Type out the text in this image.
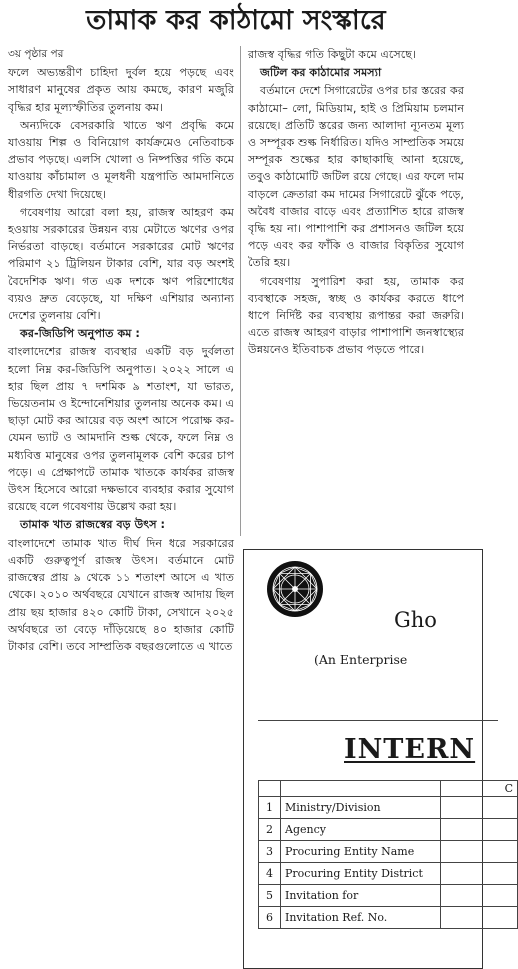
তামাক কর কাঠামো সংস্কারে

৩য় পৃষ্ঠার পর

ফলে অভ্যন্তরীণ চাহিদা দুর্বল হয়ে পড়ছে এবং সাধারণ মানুষের প্রকৃত আয় কমছে, কারণ মজুরি বৃদ্ধির হার মূল্যস্ফীতির তুলনায় কম।

অন্যদিকে বেসরকারি খাতে ঋণ প্রবৃদ্ধি কমে যাওয়ায় শিল্প ও বিনিয়োগ কার্যক্রমেও নেতিবাচক প্রভাব পড়ছে। এলসি খোলা ও নিষ্পত্তির গতি কমে যাওয়ায় কাঁচামাল ও মূলধনী যন্ত্রপাতি আমদানিতে ধীরগতি দেখা দিয়েছে।

গবেষণায় আরো বলা হয়, রাজস্ব আহরণ কম হওয়ায় সরকারের উন্নয়ন ব্যয় মেটাতে ঋণের ওপর নির্ভরতা বাড়ছে। বর্তমানে সরকারের মোট ঋণের পরিমাণ ২১ ট্রিলিয়ন টাকার বেশি, যার বড় অংশই বৈদেশিক ঋণ। গত এক দশকে ঋণ পরিশোধের ব্যয়ও দ্রুত বেড়েছে, যা দক্ষিণ এশিয়ার অন্যান্য দেশের তুলনায় বেশি।

কর-জিডিপি অনুপাত কম :

বাংলাদেশের রাজস্ব ব্যবস্থার একটি বড় দুর্বলতা হলো নিম্ন কর-জিডিপি অনুপাত। ২০২২ সালে এ হার ছিল প্রায় ৭ দশমিক ৯ শতাংশ, যা ভারত, ভিয়েতনাম ও ইন্দোনেশিয়ার তুলনায় অনেক কম। এ ছাড়া মোট কর আয়ের বড় অংশ আসে পরোক্ষ কর- যেমন ভ্যাট ও আমদানি শুল্ক থেকে, ফলে নিম্ন ও মধ্যবিত্ত মানুষের ওপর তুলনামূলক বেশি করের চাপ পড়ে। এ প্রেক্ষাপটে তামাক খাতকে কার্যকর রাজস্ব উৎস হিসেবে আরো দক্ষভাবে ব্যবহার করার সুযোগ রয়েছে বলে গবেষণায় উল্লেখ করা হয়।

তামাক খাত রাজস্বের বড় উৎস :

বাংলাদেশে তামাক খাত দীর্ঘ দিন ধরে সরকারের একটি গুরুত্বপূর্ণ রাজস্ব উৎস। বর্তমানে মোট রাজস্বের প্রায় ৯ থেকে ১১ শতাংশ আসে এ খাত থেকে। ২০১০ অর্থবছরে যেখানে রাজস্ব আদায় ছিল প্রায় ছয় হাজার ৪২০ কোটি টাকা, সেখানে ২০২৫ অর্থবছরে তা বেড়ে দাঁড়িয়েছে ৪০ হাজার কোটি টাকার বেশি। তবে সাম্প্রতিক বছরগুলোতে এ খাতে

রাজস্ব বৃদ্ধির গতি কিছুটা কমে এসেছে।

জটিল কর কাঠামোর সমস্যা

বর্তমানে দেশে সিগারেটের ওপর চার স্তরের কর কাঠামো– লো, মিডিয়াম, হাই ও প্রিমিয়াম চলমান রয়েছে। প্রতিটি স্তরের জন্য আলাদা ন্যূনতম মূল্য ও সম্পূরক শুল্ক নির্ধারিত। যদিও সাম্প্রতিক সময়ে সম্পূরক শুল্কের হার কাছাকাছি আনা হয়েছে, তবুও কাঠামোটি জটিল রয়ে গেছে। এর ফলে দাম বাড়লে ক্রেতারা কম দামের সিগারেটে ঝুঁকে পড়ে, অবৈধ বাজার বাড়ে এবং প্রত্যাশিত হারে রাজস্ব বৃদ্ধি হয় না। পাশাপাশি কর প্রশাসনও জটিল হয়ে পড়ে এবং কর ফাঁকি ও বাজার বিকৃতির সুযোগ তৈরি হয়।

গবেষণায় সুপারিশ করা হয়, তামাক কর ব্যবস্থাকে সহজ, স্বচ্ছ ও কার্যকর করতে ধাপে ধাপে নির্দিষ্ট কর ব্যবস্থায় রূপান্তর করা জরুরি। এতে রাজস্ব আহরণ বাড়ার পাশাপাশি জনস্বাস্থ্যের উন্নয়নেও ইতিবাচক প্রভাব পড়তে পারে।

Gho
(An Enterprise
INTERN
		C
1	Ministry/Division	
2	Agency	
3	Procuring Entity Name	
4	Procuring Entity District	
5	Invitation for	
6	Invitation Ref. No.	
